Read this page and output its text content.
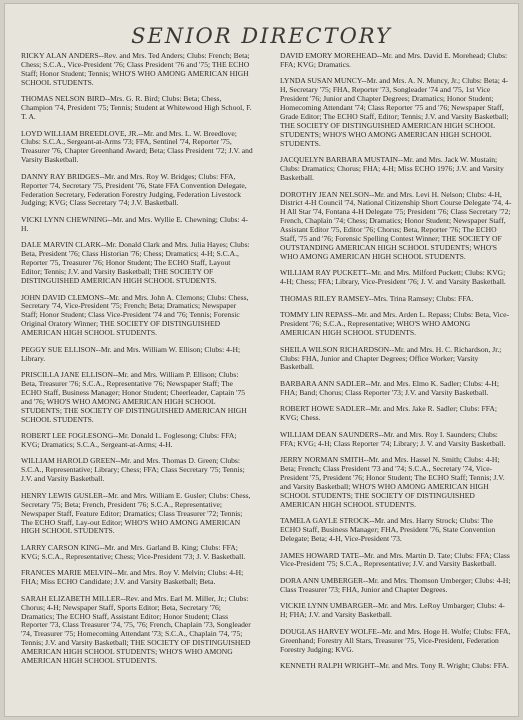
SENIOR DIRECTORY

RICKY ALAN ANDERS--Rev. and Mrs. Ted Anders; Clubs: French; Beta; Chess; S.C.A., Vice-President '76; Class President '76 and '75; THE ECHO Staff; Honor Student; Tennis; WHO'S WHO AMONG AMERICAN HIGH SCHOOL STUDENTS.

THOMAS NELSON BIRD--Mrs. G. R. Bird; Clubs: Beta; Chess, Champion '74, President '75; Tennis; Student at Whitewood High School, F. T. A.

LOYD WILLIAM BREEDLOVE, JR.--Mr. and Mrs. L. W. Breedlove; Clubs: S.C.A., Sergeant-at-Arms '73; FFA, Sentinel '74, Reporter '75, Treasurer '76, Chapter Greenhand Award; Beta; Class President '72; J.V. and Varsity Basketball.

DANNY RAY BRIDGES--Mr. and Mrs. Roy W. Bridges; Clubs: FFA, Reporter '74, Secretary '75, President '76, State FFA Convention Delegate, Federation Secretary, Federation Forestry Judging, Federation Livestock Judging; KVG; Class Secretary '74; J.V. Basketball.

VICKI LYNN CHEWNING--Mr. and Mrs. Wyllie E. Chewning; Clubs: 4-H.

DALE MARVIN CLARK--Mr. Donald Clark and Mrs. Julia Hayes; Clubs: Beta, President '76; Class Historian '76; Chess; Dramatics; 4-H; S.C.A., Reporter '75, Treasurer '76; Honor Student; The ECHO Staff, Layout Editor; Tennis; J.V. and Varsity Basketball; THE SOCIETY OF DISTINGUISHED AMERICAN HIGH SCHOOL STUDENTS.

JOHN DAVID CLEMONS--Mr. and Mrs. John A. Clemons; Clubs: Chess, Secretary '74, Vice-President '75; French; Beta; Dramatics; Newspaper Staff; Honor Student; Class Vice-President '74 and '76; Tennis; Forensic Original Oratory Winner; THE SOCIETY OF DISTINGUISHED AMERICAN HIGH SCHOOL STUDENTS.

PEGGY SUE ELLISON--Mr. and Mrs. William W. Ellison; Clubs: 4-H; Library.

PRISCILLA JANE ELLISON--Mr. and Mrs. William P. Ellison; Clubs: Beta, Treasurer '76; S.C.A., Representative '76; Newspaper Staff; The ECHO Staff, Business Manager; Honor Student; Cheerleader, Captain '75 and '76; WHO'S WHO AMONG AMERICAN HIGH SCHOOL STUDENTS; THE SOCIETY OF DISTINGUISHED AMERICAN HIGH SCHOOL STUDENTS.

ROBERT LEE FOGLESONG--Mr. Donald L. Foglesong; Clubs: FFA; KVG; Dramatics; S.C.A., Sergeant-at-Arms; 4-H.

WILLIAM HAROLD GREEN--Mr. and Mrs. Thomas D. Green; Clubs: S.C.A., Representative; Library; Chess; FFA; Class Secretary '75; Tennis; J.V. and Varsity Basketball.

HENRY LEWIS GUSLER--Mr. and Mrs. William E. Gusler; Clubs: Chess, Secretary '75; Beta; French, President '76; S.C.A., Representative; Newspaper Staff, Feature Editor; Dramatics; Class Treasurer '72; Tennis; The ECHO Staff, Lay-out Editor; WHO'S WHO AMONG AMERICAN HIGH SCHOOL STUDENTS.

LARRY CARSON KING--Mr. and Mrs. Garland B. King; Clubs: FFA; KVG; S.C.A., Representative; Chess; Vice-President '73; J. V. Basketball.

FRANCES MARIE MELVIN--Mr. and Mrs. Roy V. Melvin; Clubs: 4-H; FHA; Miss ECHO Candidate; J.V. and Varsity Basketball; Beta.

SARAH ELIZABETH MILLER--Rev. and Mrs. Earl M. Miller, Jr.; Clubs: Chorus; 4-H; Newspaper Staff, Sports Editor; Beta, Secretary '76; Dramatics; The ECHO Staff, Assistant Editor; Honor Student; Class Reporter '73, Class Treasurer '74, '75, '76; French, Chaplain '73, Songleader '74, Treasurer '75; Homecoming Attendant '73; S.C.A., Chaplain '74, '75; Tennis; J.V. and Varsity Basketball; THE SOCIETY OF DISTINGUISHED AMERICAN HIGH SCHOOL STUDENTS; WHO'S WHO AMONG AMERICAN HIGH SCHOOL STUDENTS.

DAVID EMORY MOREHEAD--Mr. and Mrs. David E. Morehead; Clubs: FFA; KVG; Dramatics.

LYNDA SUSAN MUNCY--Mr. and Mrs. A. N. Muncy, Jr.; Clubs: Beta; 4-H, Secretary '75; FHA, Reporter '73, Songleader '74 and '75, 1st Vice President '76; Junior and Chapter Degrees; Dramatics; Honor Student; Homecoming Attendant '74; Class Reporter '75 and '76; Newspaper Staff, Grade Editor; The ECHO Staff, Editor; Tennis; J.V. and Varsity Basketball; THE SOCIETY OF DISTINGUISHED AMERICAN HIGH SCHOOL STUDENTS; WHO'S WHO AMONG AMERICAN HIGH SCHOOL STUDENTS.

JACQUELYN BARBARA MUSTAIN--Mr. and Mrs. Jack W. Mustain; Clubs: Dramatics; Chorus; FHA; 4-H; Miss ECHO 1976; J.V. and Varsity Basketball.

DOROTHY JEAN NELSON--Mr. and Mrs. Levi H. Nelson; Clubs: 4-H, District 4-H Council '74, National Citizenship Short Course Delegate '74, 4-H All Star '74, Fontana 4-H Delegate '75; President '76; Class Secretary '72; French, Chaplain '74; Chess; Dramatics; Honor Student; Newspaper Staff, Assistant Editor '75, Editor '76; Chorus; Beta, Reporter '76; The ECHO Staff, '75 and '76; Forensic Spelling Contest Winner; THE SOCIETY OF OUTSTANDING AMERICAN HIGH SCHOOL STUDENTS; WHO'S WHO AMONG AMERICAN HIGH SCHOOL STUDENTS.

WILLIAM RAY PUCKETT--Mr. and Mrs. Milford Puckett; Clubs: KVG; 4-H; Chess; FFA; Library, Vice-President '76; J. V. and Varsity Basketball.

THOMAS RILEY RAMSEY--Mrs. Trina Ramsey; Clubs: FFA.

TOMMY LIN REPASS--Mr. and Mrs. Arden L. Repass; Clubs: Beta, Vice-President '76; S.C.A., Representative; WHO'S WHO AMONG AMERICAN HIGH SCHOOL STUDENTS.

SHEILA WILSON RICHARDSON--Mr. and Mrs. H. C. Richardson, Jr.; Clubs: FHA, Junior and Chapter Degrees; Office Worker; Varsity Basketball.

BARBARA ANN SADLER--Mr. and Mrs. Elmo K. Sadler; Clubs: 4-H; FHA; Band; Chorus; Class Reporter '73; J.V. and Varsity Basketball.

ROBERT HOWE SADLER--Mr. and Mrs. Jake R. Sadler; Clubs: FFA; KVG; Chess.

WILLIAM DEAN SAUNDERS--Mr. and Mrs. Roy I. Saunders; Clubs: FFA; KVG; 4-H; Class Reporter '74; Library; J. V. and Varsity Basketball.

JERRY NORMAN SMITH--Mr. and Mrs. Hassel N. Smith; Clubs: 4-H; Beta; French; Class President '73 and '74; S.C.A., Secretary '74, Vice-President '75, President '76; Honor Student; The ECHO Staff; Tennis; J.V. and Varsity Basketball; WHO'S WHO AMONG AMERICAN HIGH SCHOOL STUDENTS; THE SOCIETY OF DISTINGUISHED AMERICAN HIGH SCHOOL STUDENTS.

TAMELA GAYLE STROCK--Mr. and Mrs. Harry Strock; Clubs: The ECHO Staff, Business Manager; FHA, President '76, State Convention Delegate; Beta; 4-H, Vice-President '73.

JAMES HOWARD TATE--Mr. and Mrs. Martin D. Tate; Clubs: FFA; Class Vice-President '75; S.C.A., Representative; J.V. and Varsity Basketball.

DORA ANN UMBERGER--Mr. and Mrs. Thomson Umberger; Clubs: 4-H; Class Treasurer '73; FHA, Junior and Chapter Degrees.

VICKIE LYNN UMBARGER--Mr. and Mrs. LeRoy Umbarger; Clubs: 4-H; FHA; J.V. and Varsity Basketball.

DOUGLAS HARVEY WOLFE--Mr. and Mrs. Hoge H. Wolfe; Clubs: FFA, Greenhand; Forestry All Stars, Treasurer '75, Vice-President, Federation Forestry Judging; KVG.

KENNETH RALPH WRIGHT--Mr. and Mrs. Tony R. Wright; Clubs: FFA.
